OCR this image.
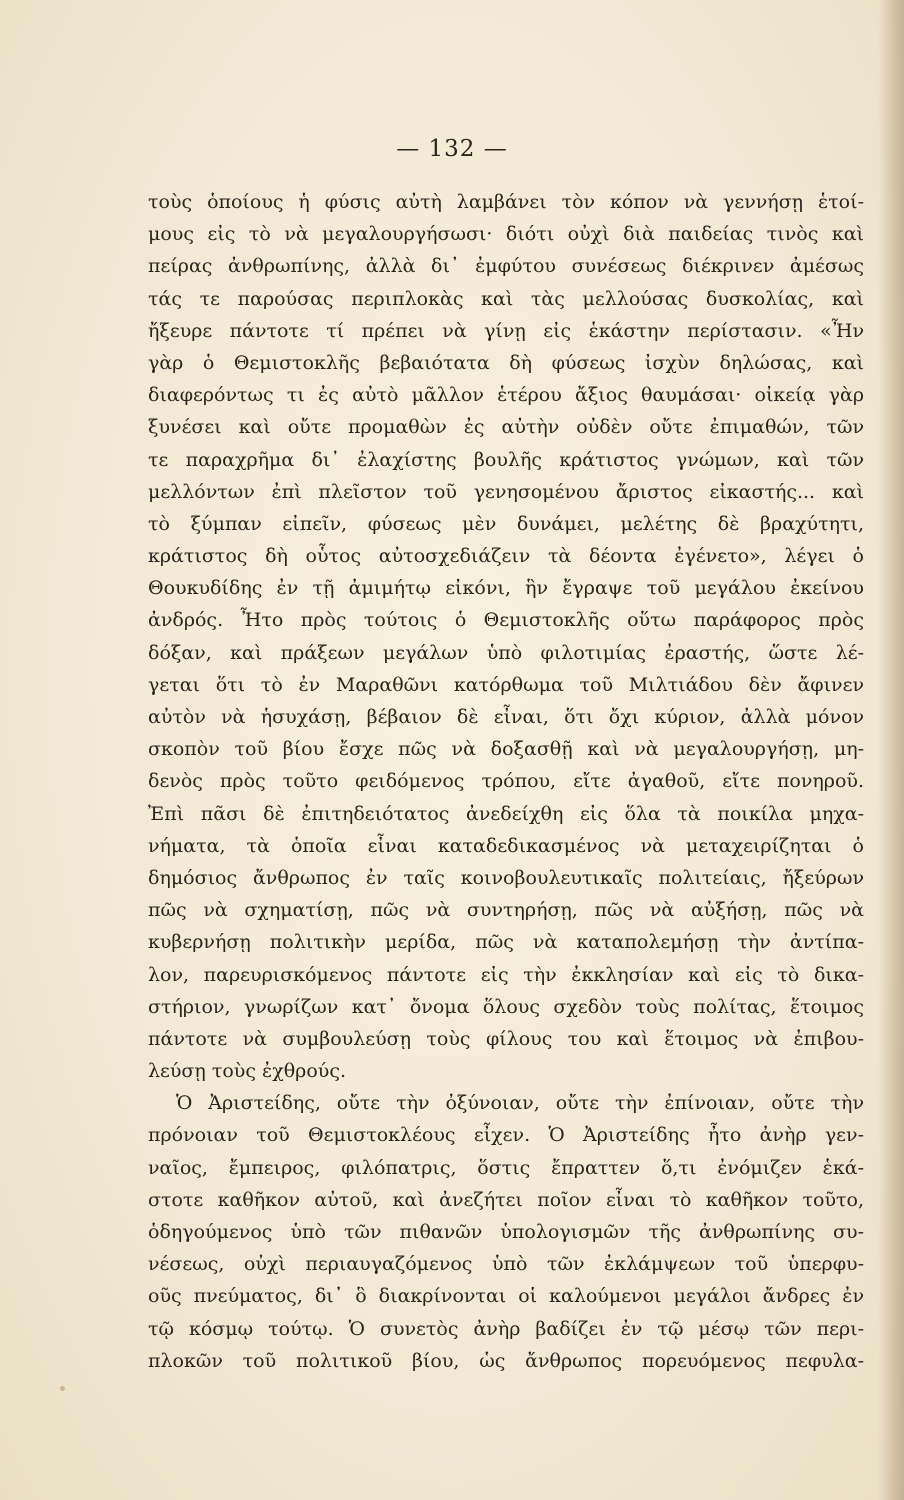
— 132 —
τοὺς ὁποίους ἡ φύσις αὐτὴ λαμβάνει τὸν κόπον νὰ γεννήσῃ ἑτοί-
μους εἰς τὸ νὰ μεγαλουργήσωσι· διότι οὐχὶ διὰ παιδείας τινὸς καὶ
πείρας ἀνθρωπίνης, ἀλλὰ δι᾿ ἐμφύτου συνέσεως διέκρινεν ἀμέσως
τάς τε παρούσας περιπλοκὰς καὶ τὰς μελλούσας δυσκολίας, καὶ
ἤξευρε πάντοτε τί πρέπει νὰ γίνῃ εἰς ἑκάστην περίστασιν. «Ἦν
γὰρ ὁ Θεμιστοκλῆς βεβαιότατα δὴ φύσεως ἰσχὺν δηλώσας, καὶ
διαφερόντως τι ἐς αὐτὸ μᾶλλον ἑτέρου ἄξιος θαυμάσαι· οἰκείᾳ γὰρ
ξυνέσει καὶ οὔτε προμαθὼν ἐς αὐτὴν οὐδὲν οὔτε ἐπιμαθών, τῶν
τε παραχρῆμα δι᾿ ἐλαχίστης βουλῆς κράτιστος γνώμων, καὶ τῶν
μελλόντων ἐπὶ πλεῖστον τοῦ γενησομένου ἄριστος εἰκαστής... καὶ
τὸ ξύμπαν εἰπεῖν, φύσεως μὲν δυνάμει, μελέτης δὲ βραχύτητι,
κράτιστος δὴ οὗτος αὐτοσχεδιάζειν τὰ δέοντα ἐγένετο», λέγει ὁ
Θουκυδίδης ἐν τῇ ἀμιμήτῳ εἰκόνι, ἣν ἔγραψε τοῦ μεγάλου ἐκείνου
ἀνδρός. Ἦτο πρὸς τούτοις ὁ Θεμιστοκλῆς οὕτω παράφορος πρὸς
δόξαν, καὶ πράξεων μεγάλων ὑπὸ φιλοτιμίας ἐραστής, ὥστε λέ-
γεται ὅτι τὸ ἐν Μαραθῶνι κατόρθωμα τοῦ Μιλτιάδου δὲν ἄφινεν
αὐτὸν νὰ ἡσυχάσῃ, βέβαιον δὲ εἶναι, ὅτι ὄχι κύριον, ἀλλὰ μόνον
σκοπὸν τοῦ βίου ἔσχε πῶς νὰ δοξασθῇ καὶ νὰ μεγαλουργήσῃ, μη-
δενὸς πρὸς τοῦτο φειδόμενος τρόπου, εἴτε ἀγαθοῦ, εἴτε πονηροῦ.
Ἐπὶ πᾶσι δὲ ἐπιτηδειότατος ἀνεδείχθη εἰς ὅλα τὰ ποικίλα μηχα-
νήματα, τὰ ὁποῖα εἶναι καταδεδικασμένος νὰ μεταχειρίζηται ὁ
δημόσιος ἄνθρωπος ἐν ταῖς κοινοβουλευτικαῖς πολιτείαις, ἤξεύρων
πῶς νὰ σχηματίσῃ, πῶς νὰ συντηρήσῃ, πῶς νὰ αὐξήσῃ, πῶς νὰ
κυβερνήσῃ πολιτικὴν μερίδα, πῶς νὰ καταπολεμήσῃ τὴν ἀντίπα-
λον, παρευρισκόμενος πάντοτε εἰς τὴν ἐκκλησίαν καὶ εἰς τὸ δικα-
στήριον, γνωρίζων κατ᾿ ὄνομα ὅλους σχεδὸν τοὺς πολίτας, ἕτοιμος
πάντοτε νὰ συμβουλεύσῃ τοὺς φίλους του καὶ ἕτοιμος νὰ ἐπιβου-
λεύσῃ τοὺς ἐχθρούς.
Ὁ Ἀριστείδης, οὔτε τὴν ὀξύνοιαν, οὔτε τὴν ἐπίνοιαν, οὔτε τὴν
πρόνοιαν τοῦ Θεμιστοκλέους εἶχεν. Ὁ Ἀριστείδης ἦτο ἀνὴρ γεν-
ναῖος, ἔμπειρος, φιλόπατρις, ὅστις ἔπραττεν ὅ,τι ἐνόμιζεν ἑκά-
στοτε καθῆκον αὐτοῦ, καὶ ἀνεζήτει ποῖον εἶναι τὸ καθῆκον τοῦτο,
ὁδηγούμενος ὑπὸ τῶν πιθανῶν ὑπολογισμῶν τῆς ἀνθρωπίνης συ-
νέσεως, οὐχὶ περιαυγαζόμενος ὑπὸ τῶν ἐκλάμψεων τοῦ ὑπερφυ-
οῦς πνεύματος, δι᾿ ὃ διακρίνονται οἱ καλούμενοι μεγάλοι ἄνδρες ἐν
τῷ κόσμῳ τούτῳ. Ὁ συνετὸς ἀνὴρ βαδίζει ἐν τῷ μέσῳ τῶν περι-
πλοκῶν τοῦ πολιτικοῦ βίου, ὡς ἄνθρωπος πορευόμενος πεφυλα-
